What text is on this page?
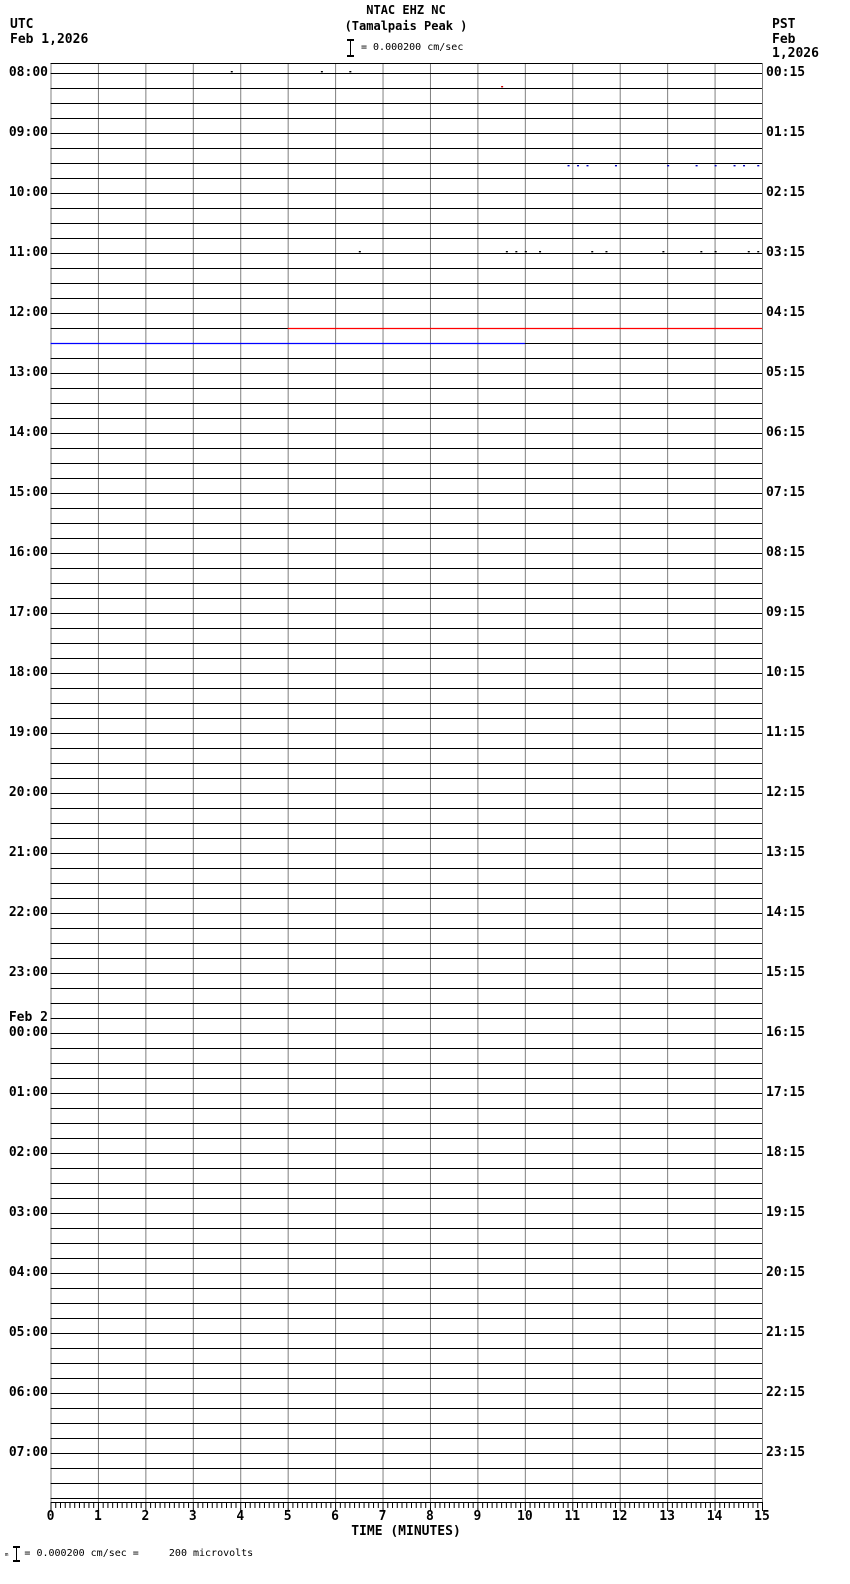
UTC
Feb 1,2026
PST
Feb 1,2026
NTAC EHZ NC
(Tamalpais Peak )
= 0.000200 cm/sec
0	1	2	3	4	5	6	7	8	9	10 11 12 13 14 15
08:00
09:00
10:00
11:00
12:00
13:00
14:00
15:00
16:00
17:00
18:00
19:00
20:00
21:00
22:00
23:00
00:00
Feb 2
01:00
02:00
03:00
04:00
05:00
06:00
07:00
00:15
01:15
02:15
03:15
04:15
05:15
06:15
07:15
08:15
09:15
10:15
11:15
12:15
13:15
14:15
15:15
16:15
17:15
18:15
19:15
20:15
21:15
22:15
23:15
TIME (MINUTES)
ₘ = 0.000200 cm/sec =     200 microvolts
